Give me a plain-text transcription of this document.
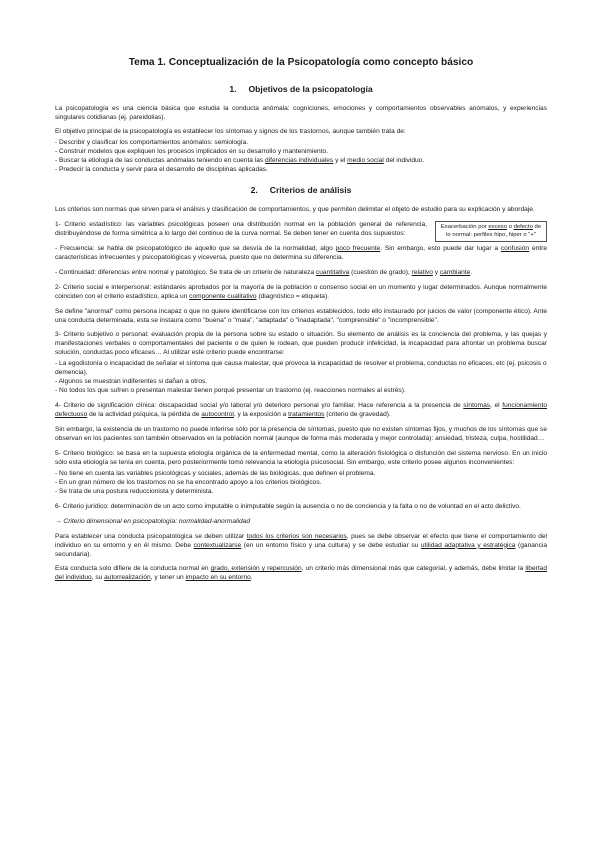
Tema 1. Conceptualización de la Psicopatología como concepto básico
1. Objetivos de la psicopatología

La psicopatología es una ciencia básica que estudia la conducta anómala: cogniciones, emociones y comportamientos observables anómalos, y experiencias singulares cotidianas (ej. pareidolias).

El objetivo principal de la psicopatología es establecer los síntomas y signos de los trastornos, aunque también trata de:

- Describir y clasificar los comportamientos anómalos: semiología.
- Construir modelos que expliquen los procesos implicados en su desarrollo y mantenimiento.
- Buscar la etiología de las conductas anómalas teniendo en cuenta las diferencias individuales y el medio social del individuo.
- Predecir la conducta y servir para el desarrollo de disciplinas aplicadas.
2. Criterios de análisis

Los criterios son normas que sirven para el análisis y clasificación de comportamientos, y que permiten delimitar el objeto de estudio para su explicación y abordaje.

Exacerbación por exceso o defecto de lo normal: perfiles hipo, hiper o "+"

1- Criterio estadístico: las variables psicológicas poseen una distribución normal en la población general de referencia, distribuyéndose de forma simétrica a lo largo del continuo de la curva normal. Se deben tener en cuenta dos supuestos:

- Frecuencia: se habla de psicopatológico de aquello que se desvía de la normalidad, algo poco frecuente. Sin embargo, esto puede dar lugar a confusión entre características infrecuentes y psicopatológicas y viceversa, puesto que no determina su diferencia.

- Continuidad: diferencias entre normal y patológico. Se trata de un criterio de naturaleza cuantitativa (cuestión de grado), relativo y cambiante.

2- Criterio social e interpersonal: estándares aprobados por la mayoría de la población o consenso social en un momento y lugar determinados. Aunque normalmente coinciden con el criterio estadístico, aplica un componente cualitativo (diagnóstico = etiqueta).

Se define "anormal" como persona incapaz o que no quiere identificarse con los criterios establecidos, todo ello instaurado por juicios de valor (componente ético). Ante una conducta determinada, esta se instaura como "buena" o "mala", "adaptada" o "inadaptada", "comprensible" o "incomprensible".

3- Criterio subjetivo o personal: evaluación propia de la persona sobre su estado o situación. Su elemento de análisis es la conciencia del problema, y las quejas y manifestaciones verbales o comportamentales del paciente o de quien le rodean, que pueden producir infelicidad, la incapacidad para afrontar un problema buscar solución, conductas poco eficaces… Al utilizar este criterio puede encontrarse:

- La egodistonía o incapacidad de señalar el síntoma que causa malestar, que provoca la incapacidad de resolver el problema, conductas no eficaces, etc (ej. psicosis o demencia).
- Algunos se muestran indiferentes si dañan a otros.
- No todos los que sufren o presentan malestar tienen porqué presentar un trastorno (ej. reacciones normales al estrés).

4- Criterio de significación clínica: discapacidad social y/o laboral y/o deterioro personal y/o familiar. Hace referencia a la presencia de síntomas, el funcionamiento defectuoso de la actividad psíquica, la pérdida de autocontrol, y la exposición a tratamientos (criterio de gravedad).

Sin embargo, la existencia de un trastorno no puede inferirse sólo por la presencia de síntomas, puesto que no existen síntomas fijos, y muchos de los síntomas que se observan en los pacientes son también observados en la población normal (aunque de forma más moderada y mejor controlada): ansiedad, tristeza, culpa, hostilidad…

5- Criterio biológico: se basa en la supuesta etiología orgánica de la enfermedad mental, como la alteración fisiológica o disfunción del sistema nervioso. En un inicio sólo esta etiología se tenía en cuenta, pero posteriormente tomó relevancia la etiología psicosocial. Sin embargo, este criterio posee algunos inconvenientes:

- No tiene en cuenta las variables psicológicas y sociales, además de las biológicas, que definen el problema.
- En un gran número de los trastornos no se ha encontrado apoyo a los criterios biológicos.
- Se trata de una postura reduccionista y determinista.

6- Criterio jurídico: determinación de un acto como imputable o inimputable según la ausencia o no de conciencia y la falta o no de voluntad en el acto delictivo.

→ Criterio dimensional en psicopatología: normalidad-anormalidad

Para establecer una conducta psicopatológica se deben utilizar todos los criterios son necesarios, pues se debe observar el efecto que tiene el comportamiento del individuo en su entorno y en él mismo. Debe contextualizarse (en un entorno físico y una cultura) y se debe estudiar su utilidad adaptativa y estratégica (ganancia secundaria).

Esta conducta solo difiere de la conducta normal en grado, extensión y repercusión, un criterio más dimensional más que categorial, y además, debe limitar la libertad del individuo, su autorrealización, y tener un impacto en su entorno.
